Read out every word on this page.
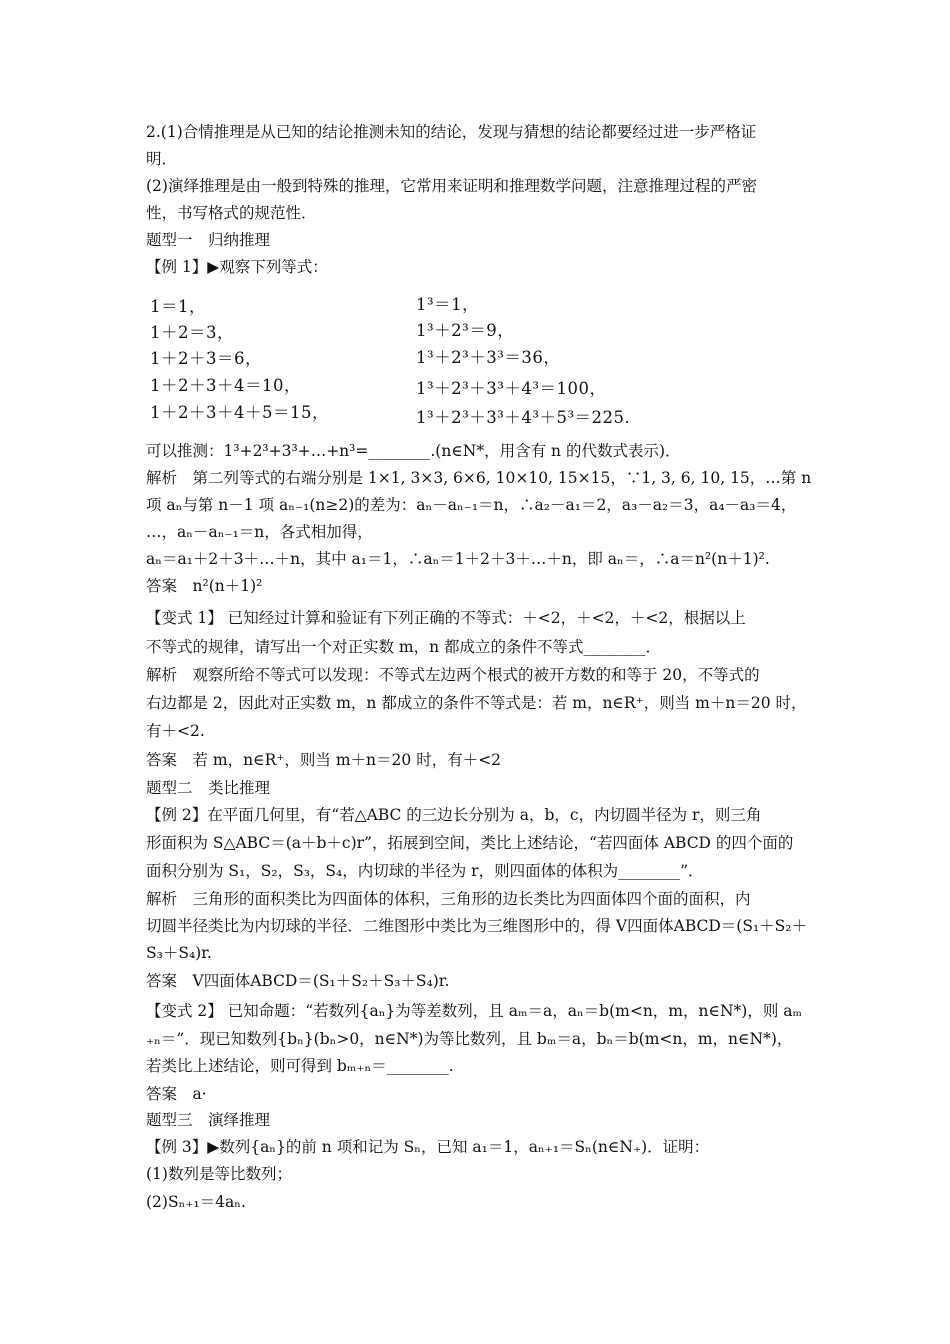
2.(1)合情推理是从已知的结论推测未知的结论，发现与猜想的结论都要经过进一步严格证
明．
(2)演绎推理是由一般到特殊的推理，它常用来证明和推理数学问题，注意推理过程的严密
性，书写格式的规范性．
题型一　归纳推理
【例 1】▶观察下列等式：
1＝1，
1＋2＝3，
1＋2＋3＝6，
1＋2＋3＋4＝10，
1＋2＋3＋4＋5＝15，
1³＝1，
1³＋2³＝9，
1³＋2³＋3³＝36，
1³＋2³＋3³＋4³＝100，
1³＋2³＋3³＋4³＋5³＝225.
可以推测：1³+2³+3³+…+n³=________.(n∈N*，用含有 n 的代数式表示)．
解析　第二列等式的右端分别是 1×1, 3×3, 6×6, 10×10, 15×15，∵1, 3, 6, 10, 15，…第 n
项 aₙ与第 n－1 项 aₙ₋₁(n≥2)的差为：aₙ－aₙ₋₁＝n，∴a₂－a₁＝2，a₃－a₂＝3，a₄－a₃＝4，
…，aₙ－aₙ₋₁＝n，各式相加得，
aₙ＝a₁＋2＋3＋…＋n，其中 a₁＝1，∴aₙ＝1＋2＋3＋…＋n，即 aₙ＝，∴a＝n²(n＋1)².
答案　n²(n＋1)²
【变式 1】 已知经过计算和验证有下列正确的不等式：＋<2，＋<2，＋<2，根据以上
不等式的规律，请写出一个对正实数 m，n 都成立的条件不等式________．
解析　观察所给不等式可以发现：不等式左边两个根式的被开方数的和等于 20，不等式的
右边都是 2，因此对正实数 m，n 都成立的条件不等式是：若 m，n∈R⁺，则当 m＋n＝20 时，
有＋<2.
答案　若 m，n∈R⁺，则当 m＋n＝20 时，有＋<2
题型二　类比推理
【例 2】在平面几何里，有“若△ABC 的三边长分别为 a，b，c，内切圆半径为 r，则三角
形面积为 S△ABC＝(a＋b＋c)r”，拓展到空间，类比上述结论，“若四面体 ABCD 的四个面的
面积分别为 S₁，S₂，S₃，S₄，内切球的半径为 r，则四面体的体积为________”．
解析　三角形的面积类比为四面体的体积，三角形的边长类比为四面体四个面的面积，内
切圆半径类比为内切球的半径．二维图形中类比为三维图形中的，得 V四面体ABCD＝(S₁＋S₂＋
S₃＋S₄)r.
答案　V四面体ABCD＝(S₁＋S₂＋S₃＋S₄)r.
【变式 2】 已知命题：“若数列{aₙ}为等差数列，且 aₘ＝a，aₙ＝b(m<n，m，n∈N*)，则 aₘ
₊ₙ＝”．现已知数列{bₙ}(bₙ>0，n∈N*)为等比数列，且 bₘ＝a，bₙ＝b(m<n，m，n∈N*)，
若类比上述结论，则可得到 bₘ₊ₙ＝________.
答案　a·
题型三　演绎推理
【例 3】▶数列{aₙ}的前 n 项和记为 Sₙ，已知 a₁＝1，aₙ₊₁＝Sₙ(n∈N₊)．证明：
(1)数列是等比数列；
(2)Sₙ₊₁＝4aₙ.
